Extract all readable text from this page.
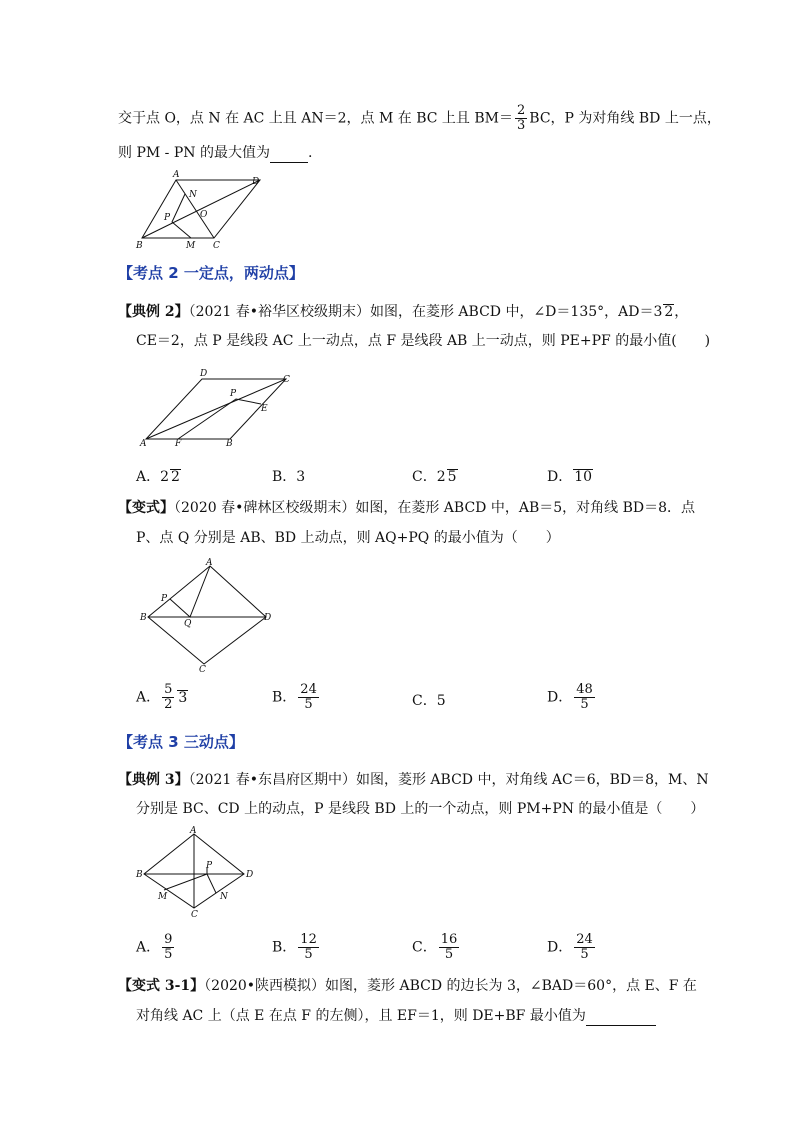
交于点 O，点 N 在 AC 上且 AN＝2，点 M 在 BC 上且 $BM= \frac{2}{3}$ BC，P 为对角线 BD 上一点，
则 PM - PN 的最大值为	.
A
D
N
O
P
B	M C
【考点 2 一定点，两动点】
【典例 2】（2021 春•裕华区校级期末）如图，在菱形 ABCD 中，∠D＝135°，AD＝3 2，
CE＝2，点 P 是线段 AC 上一动点，点 F 是线段 AB 上一动点，则 PE+PF 的最小值(　　)
D
C
P
E
A	F	B
A．2 2	B．3	C．2 5	D． 10
【变式】（2020 春•碑林区校级期末）如图，在菱形 ABCD 中，AB＝5，对角线 BD＝8．点
P、点 Q 分别是 AB、BD 上动点，则 AQ+PQ 的最小值为（　　）
A
P
B
Q
D
C
A． $\frac{5}{2} 3$	B． $\frac{24}{5}$	C．5	D． $\frac{48}{5}$
【考点 3 三动点】
【典例 3】（2021 春•东昌府区期中）如图，菱形 ABCD 中，对角线 AC＝6，BD＝8，M、N
分别是 BC、CD 上的动点，P 是线段 BD 上的一个动点，则 PM+PN 的最小值是（　　）
A
B
P
D
M	N
C
A． $\frac{9}{5}$	B． $\frac{12}{5}$	C． $\frac{16}{5}$	D． $\frac{24}{5}$
【变式 3-1】（2020•陕西模拟）如图，菱形 ABCD 的边长为 3，∠BAD＝60°，点 E、F 在
对角线 AC 上（点 E 在点 F 的左侧），且 EF＝1，则 DE+BF 最小值为
